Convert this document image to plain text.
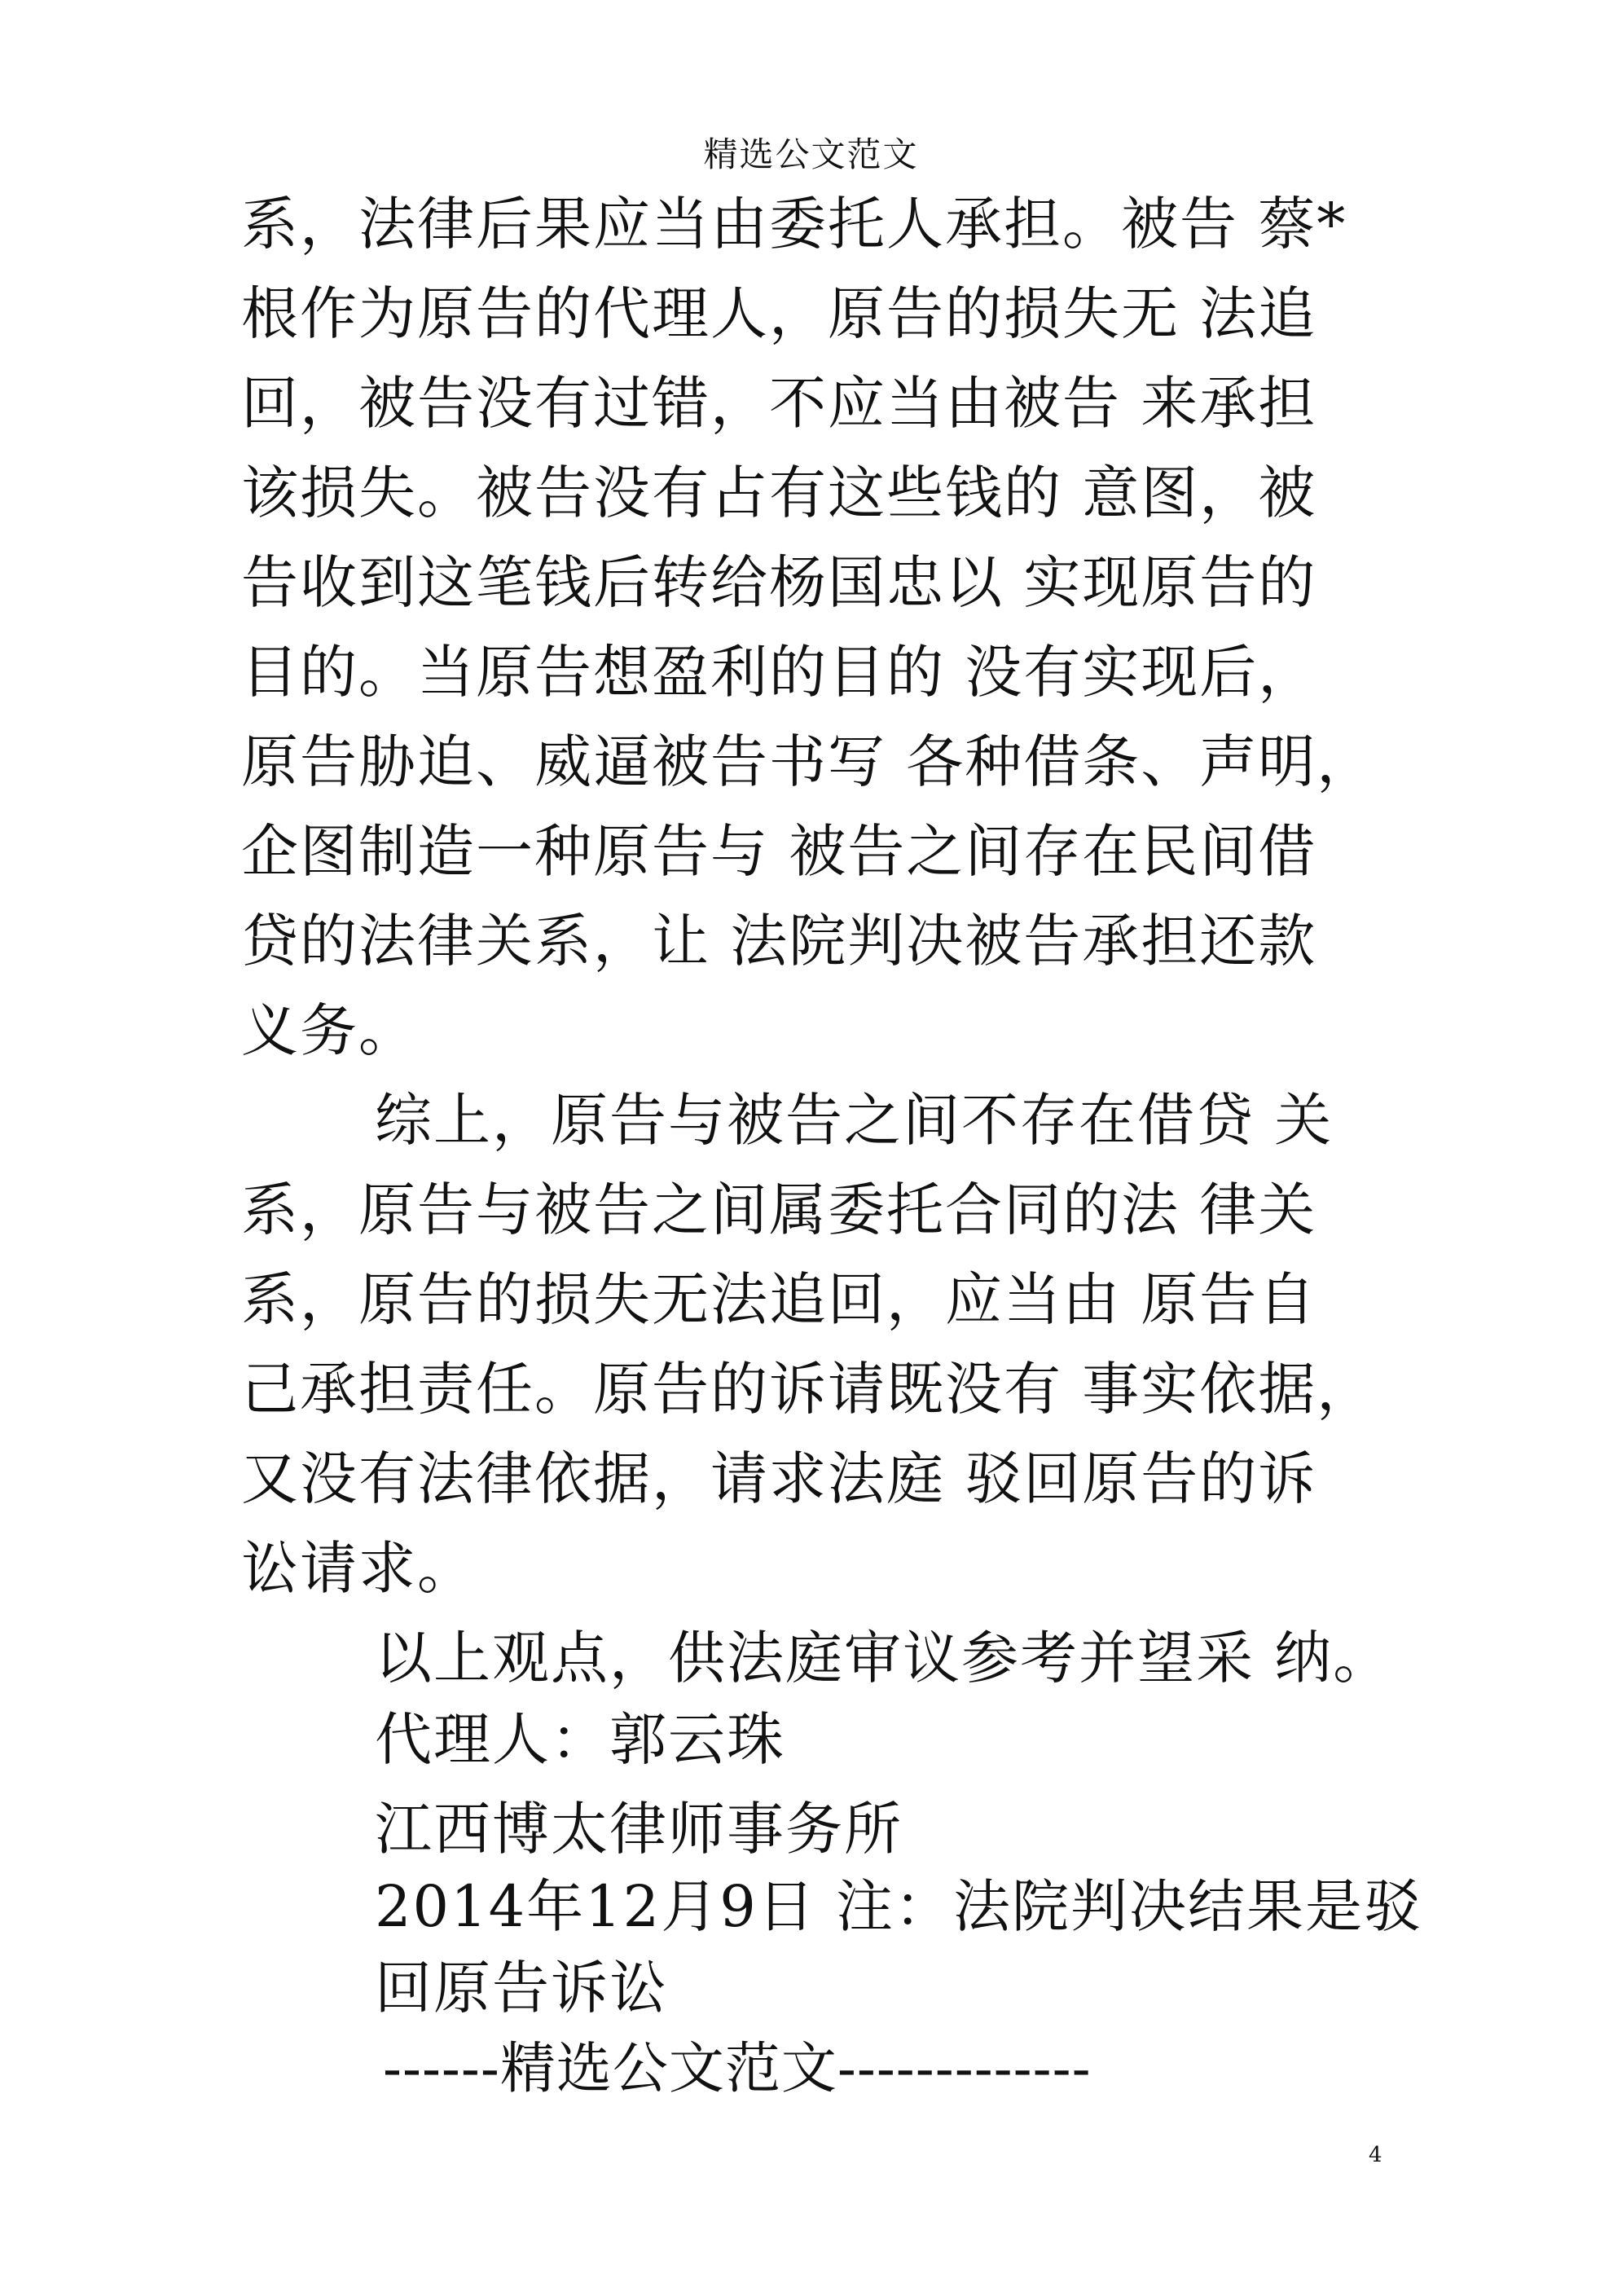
精选公文范文
系，法律后果应当由委托人承担。被告 蔡*
根作为原告的代理人，原告的损失无 法追
回，被告没有过错，不应当由被告 来承担
该损失。被告没有占有这些钱的 意图，被
告收到这笔钱后转给杨国忠以 实现原告的
目的。当原告想盈利的目的 没有实现后，
原告胁迫、威逼被告书写 各种借条、声明，
企图制造一种原告与 被告之间存在民间借
贷的法律关系，让 法院判决被告承担还款
义务。
综上，原告与被告之间不存在借贷 关
系，原告与被告之间属委托合同的法 律关
系，原告的损失无法追回，应当由 原告自
己承担责任。原告的诉请既没有 事实依据，
又没有法律依据，请求法庭 驳回原告的诉
讼请求。
以上观点，供法庭审议参考并望采 纳。
代理人：郭云珠
江西博太律师事务所
2014年12月9日 注：法院判决结果是驳
回原告诉讼
------精选公文范文-------------
4
